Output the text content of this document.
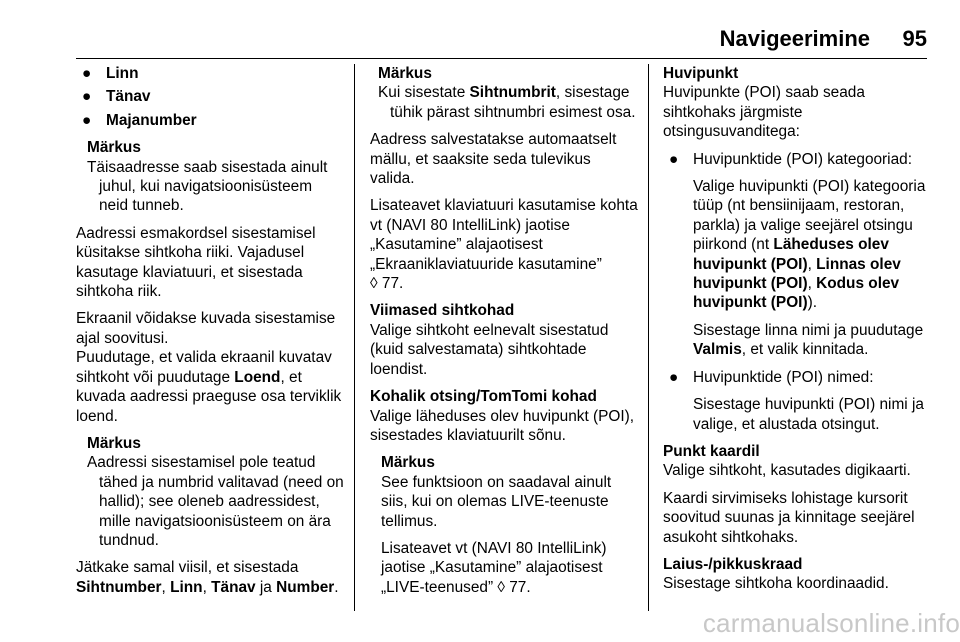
Navigeerimine 95
● Linn
● Tänav
● Majanumber
Märkus
Täisaadresse saab sisestada ainult juhul, kui navigatsioonisüsteem neid tunneb.

Aadressi esmakordsel sisestamisel küsitakse sihtkoha riiki. Vajadusel kasutage klaviatuuri, et sisestada sihtkoha riik.

Ekraanil võidakse kuvada sisestamise ajal soovitusi.
Puudutage, et valida ekraanil kuvatav sihtkoht või puudutage Loend, et kuvada aadressi praeguse osa terviklik loend.

Märkus
Aadressi sisestamisel pole teatud tähed ja numbrid valitavad (need on hallid); see oleneb aadressidest, mille navigatsioonisüsteem on ära tundnud.

Jätkake samal viisil, et sisestada Sihtnumber, Linn, Tänav ja Number.

Märkus
Kui sisestate Sihtnumbrit, sisestage tühik pärast sihtnumbri esimest osa.

Aadress salvestatakse automaatselt mällu, et saaksite seda tulevikus valida.

Lisateavet klaviatuuri kasutamise kohta vt (NAVI 80 IntelliLink) jaotise „Kasutamine” alajaotisest „Ekraaniklaviatuuride kasutamine”
◊ 77.

Viimased sihtkohad
Valige sihtkoht eelnevalt sisestatud (kuid salvestamata) sihtkohtade loendist.

Kohalik otsing/TomTomi kohad
Valige läheduses olev huvipunkt (POI), sisestades klaviatuurilt sõnu.

Märkus
See funktsioon on saadaval ainult siis, kui on olemas LIVE-teenuste tellimus.
Lisateavet vt (NAVI 80 IntelliLink) jaotise „Kasutamine” alajaotisest „LIVE-teenused” ◊ 77.

Huvipunkt
Huvipunkte (POI) saab seada sihtkohaks järgmiste otsingusuvanditega:

● Huvipunktide (POI) kategooriad:
Valige huvipunkti (POI) kategooria tüüp (nt bensiinijaam, restoran, parkla) ja valige seejärel otsingu piirkond (nt Läheduses olev huvipunkt (POI), Linnas olev huvipunkt (POI), Kodus olev huvipunkt (POI)).
Sisestage linna nimi ja puudutage Valmis, et valik kinnitada.
● Huvipunktide (POI) nimed:
Sisestage huvipunkti (POI) nimi ja valige, et alustada otsingut.

Punkt kaardil
Valige sihtkoht, kasutades digikaarti.

Kaardi sirvimiseks lohistage kursorit soovitud suunas ja kinnitage seejärel asukoht sihtkohaks.

Laius-/pikkuskraad
Sisestage sihtkoha koordinaadid.

carmanualsonline.info
